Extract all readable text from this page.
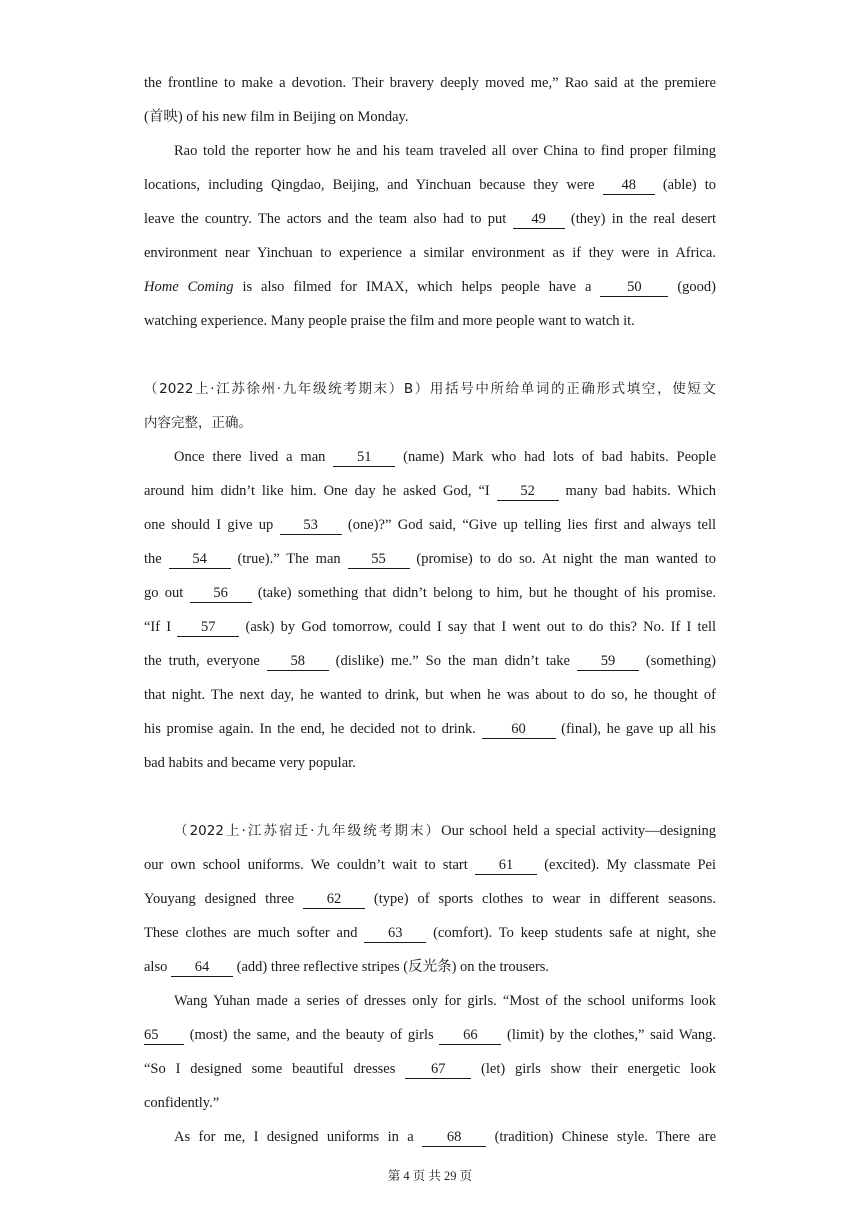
the frontline to make a devotion. Their bravery deeply moved me,” Rao said at the premiere
(首映) of his new film in Beijing on Monday.
Rao told the reporter how he and his team traveled all over China to find proper filming
locations, including Qingdao, Beijing, and Yinchuan because they were 48 (able) to
leave the country. The actors and the team also had to put 49 (they) in the real desert
environment near Yinchuan to experience a similar environment as if they were in Africa.
Home Coming is also filmed for IMAX, which helps people have a 50 (good)
watching experience. Many people praise the film and more people want to watch it.
（2022上·江苏徐州·九年级统考期末）B）用括号中所给单词的正确形式填空，使短文
内容完整，正确。
Once there lived a man 51 (name) Mark who had lots of bad habits. People
around him didn’t like him. One day he asked God, “I 52 many bad habits. Which
one should I give up 53 (one)?” God said, “Give up telling lies first and always tell
the 54 (true).” The man 55 (promise) to do so. At night the man wanted to
go out 56 (take) something that didn’t belong to him, but he thought of his promise.
“If I 57 (ask) by God tomorrow, could I say that I went out to do this? No. If I tell
the truth, everyone 58 (dislike) me.” So the man didn’t take 59 (something)
that night. The next day, he wanted to drink, but when he was about to do so, he thought of
his promise again. In the end, he decided not to drink. 60 (final), he gave up all his
bad habits and became very popular.
（2022上·江苏宿迁·九年级统考期末）Our school held a special activity—designing
our own school uniforms. We couldn’t wait to start 61 (excited). My classmate Pei
Youyang designed three 62 (type) of sports clothes to wear in different seasons.
These clothes are much softer and 63 (comfort). To keep students safe at night, she
also 64 (add) three reflective stripes (反光条) on the trousers.
Wang Yuhan made a series of dresses only for girls. “Most of the school uniforms look
65 (most) the same, and the beauty of girls 66 (limit) by the clothes,” said Wang.
“So I designed some beautiful dresses 67 (let) girls show their energetic look
confidently.”
As for me, I designed uniforms in a 68 (tradition) Chinese style. There are
第 4 页 共 29 页
